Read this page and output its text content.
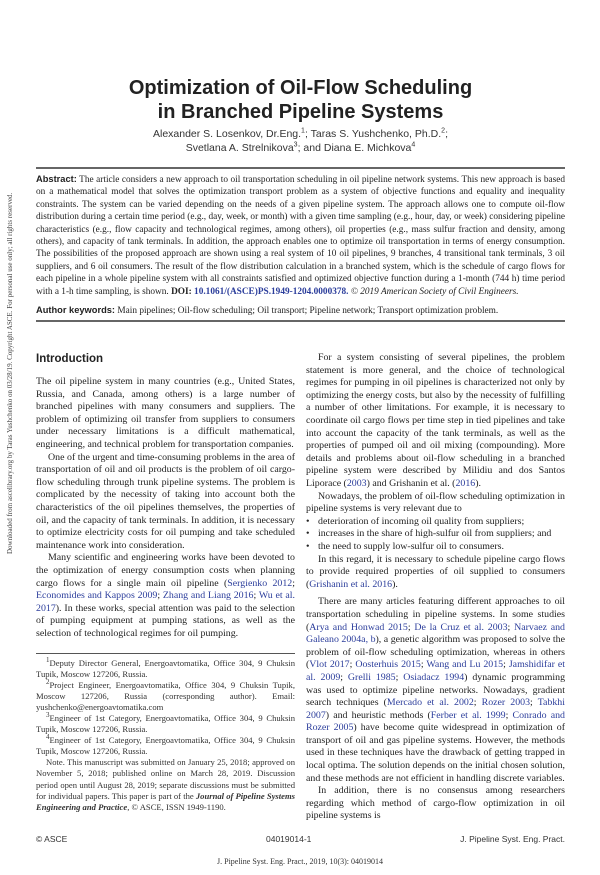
Downloaded from ascelibrary.org by Taras Yushchenko on 03/28/19. Copyright ASCE. For personal use only; all rights reserved.
Optimization of Oil-Flow Scheduling
in Branched Pipeline Systems
Alexander S. Losenkov, Dr.Eng.$^1$; Taras S. Yushchenko, Ph.D.$^2$;
Svetlana A. Strelnikova$^3$; and Diana E. Michkova$^4$
Abstract: The article considers a new approach to oil transportation scheduling in oil pipeline network systems. This new approach is based on a mathematical model that solves the optimization transport problem as a system of objective functions and equality and inequality constraints. The system can be varied depending on the needs of a given pipeline system. The approach allows one to compute oil-flow distribution during a certain time period (e.g., day, week, or month) with a given time sampling (e.g., hour, day, or week) considering pipeline characteristics (e.g., flow capacity and technological regimes, among others), oil properties (e.g., mass sulfur fraction and density, among others), and capacity of tank terminals. In addition, the approach enables one to optimize oil transportation in terms of energy consumption. The possibilities of the proposed approach are shown using a real system of 10 oil pipelines, 9 branches, 4 transitional tank terminals, 3 oil suppliers, and 6 oil consumers. The result of the flow distribution calculation in a branched system, which is the schedule of cargo flows for each pipeline in a whole pipeline system with all constraints satisfied and optimized objective function during a 1-month (744 h) time period with a 1-h time sampling, is shown. DOI: 10.1061/(ASCE)PS.1949-1204.0000378. © 2019 American Society of Civil Engineers.
Author keywords: Main pipelines; Oil-flow scheduling; Oil transport; Pipeline network; Transport optimization problem.
Introduction

The oil pipeline system in many countries (e.g., United States, Russia, and Canada, among others) is a large number of branched pipelines with many consumers and suppliers. The problem of optimizing oil transfer from suppliers to consumers under necessary limitations is a difficult mathematical, engineering, and technical problem for transportation companies.

One of the urgent and time-consuming problems in the area of transportation of oil and oil products is the problem of oil cargo-flow scheduling through trunk pipeline systems. The problem is complicated by the necessity of taking into account both the characteristics of the oil pipelines themselves, the properties of oil, and the capacity of tank terminals. In addition, it is necessary to optimize electricity costs for oil pumping and take scheduled maintenance work into consideration.

Many scientific and engineering works have been devoted to the optimization of energy consumption costs when planning cargo flows for a single main oil pipeline (Sergienko 2012; Economides and Kappos 2009; Zhang and Liang 2016; Wu et al. 2017). In these works, special attention was paid to the selection of pumping equipment at pumping stations, as well as the selection of technological regimes for oil pumping.

$^1$Deputy Director General, Energoavtomatika, Office 304, 9 Chuksin Tupik, Moscow 127206, Russia.

$^2$Project Engineer, Energoavtomatika, Office 304, 9 Chuksin Tupik, Moscow 127206, Russia (corresponding author). Email: yushchenko@energoavtomatika.com

$^3$Engineer of 1st Category, Energoavtomatika, Office 304, 9 Chuksin Tupik, Moscow 127206, Russia.

$^4$Engineer of 1st Category, Energoavtomatika, Office 304, 9 Chuksin Tupik, Moscow 127206, Russia.

Note. This manuscript was submitted on January 25, 2018; approved on November 5, 2018; published online on March 28, 2019. Discussion period open until August 28, 2019; separate discussions must be submitted for individual papers. This paper is part of the Journal of Pipeline Systems Engineering and Practice, © ASCE, ISSN 1949-1190.

For a system consisting of several pipelines, the problem statement is more general, and the choice of technological regimes for pumping in oil pipelines is characterized not only by optimizing the energy costs, but also by the necessity of fulfilling a number of other limitations. For example, it is necessary to coordinate oil cargo flows per time step in tied pipelines and take into account the capacity of the tank terminals, as well as the properties of pumped oil and oil mixing (compounding). More details and problems about oil-flow scheduling in a branched pipeline system were described by Milidiu and dos Santos Liporace (2003) and Grishanin et al. (2016).

Nowadays, the problem of oil-flow scheduling optimization in pipeline systems is very relevant due to

• deterioration of incoming oil quality from suppliers;
• increases in the share of high-sulfur oil from suppliers; and
• the need to supply low-sulfur oil to consumers.

In this regard, it is necessary to schedule pipeline cargo flows to provide required properties of oil supplied to consumers (Grishanin et al. 2016).

There are many articles featuring different approaches to oil transportation scheduling in pipeline systems. In some studies (Arya and Honwad 2015; De la Cruz et al. 2003; Narvaez and Galeano 2004a, b), a genetic algorithm was proposed to solve the problem of oil-flow scheduling optimization, whereas in others (Vlot 2017; Oosterhuis 2015; Wang and Lu 2015; Jamshidifar et al. 2009; Grelli 1985; Osiadacz 1994) dynamic programming was used to optimize pipeline networks. Nowadays, gradient search techniques (Mercado et al. 2002; Rozer 2003; Tabkhi 2007) and heuristic methods (Ferber et al. 1999; Conrado and Rozer 2005) have become quite widespread in optimization of transport of oil and gas pipeline systems. However, the methods used in these techniques have the drawback of getting trapped in local optima. The solution depends on the initial chosen solution, and these methods are not efficient in handling discrete variables.

In addition, there is no consensus among researchers regarding which method of cargo-flow optimization in oil pipeline systems is

© ASCE	04019014-1	J. Pipeline Syst. Eng. Pract.
J. Pipeline Syst. Eng. Pract., 2019, 10(3): 04019014
